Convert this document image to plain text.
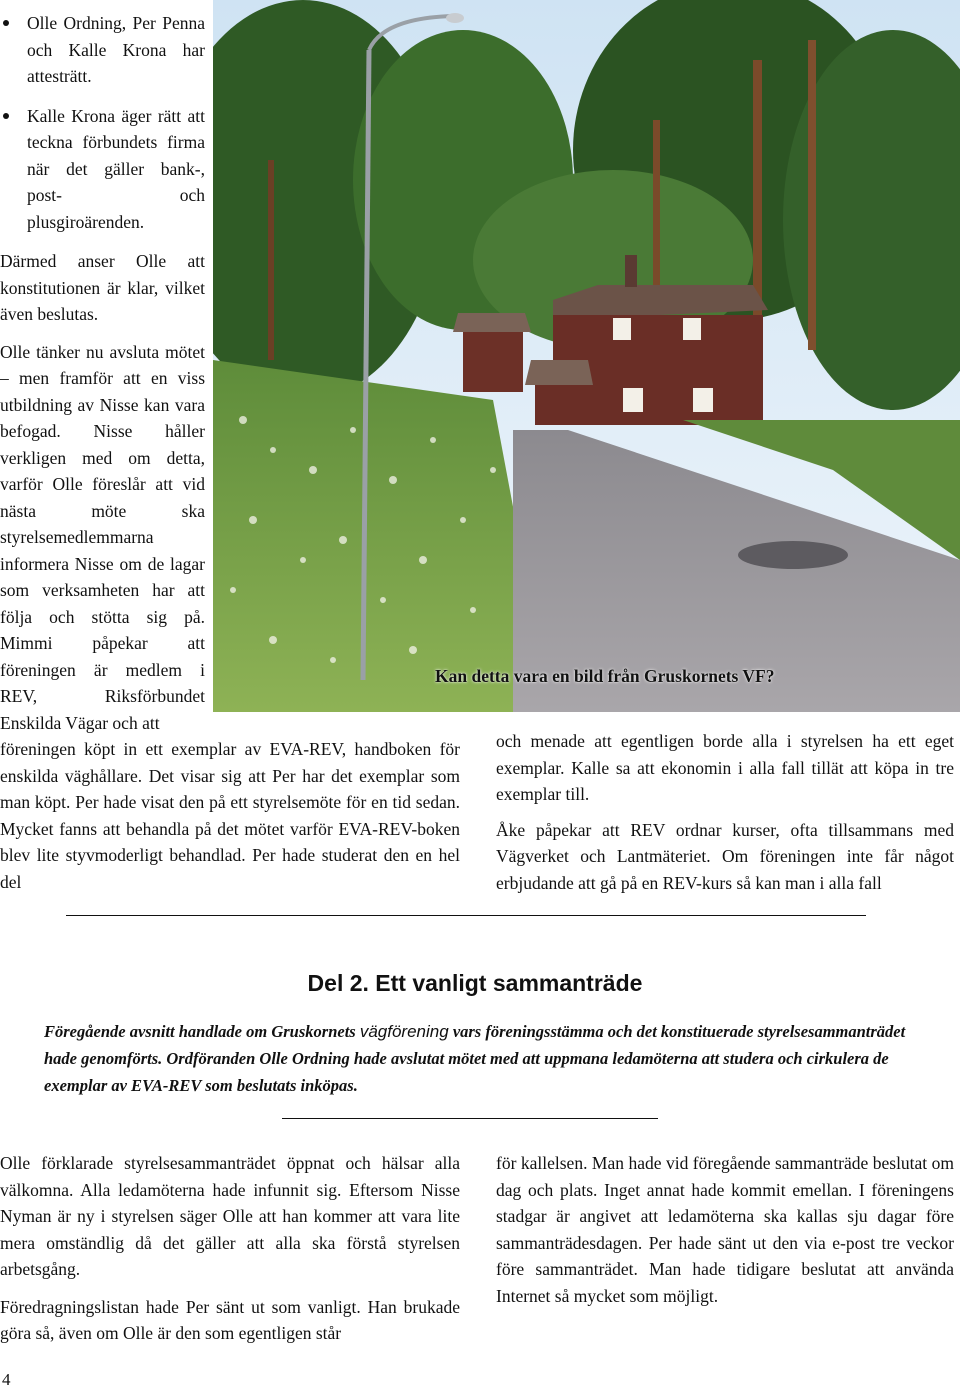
Kan detta vara en bild från Gruskornets VF?
Olle Ordning, Per Penna och Kalle Krona har attesträtt.
Kalle Krona äger rätt att teckna förbundets firma när det gäller bank-, post- och plusgiroärenden.

Därmed anser Olle att konstitutionen är klar, vilket även beslutas.

Olle tänker nu avsluta mötet – men framför att en viss utbildning av Nisse kan vara befogad. Nisse håller verkligen med om detta, varför Olle föreslår att vid nästa möte ska styrelsemedlemmarna informera Nisse om de lagar som verksamheten har att följa och stötta sig på. Mimmi påpekar att föreningen är medlem i REV, Riksförbundet Enskilda Vägar och att

föreningen köpt in ett exemplar av EVA-REV, handboken för enskilda väghållare. Det visar sig att Per har det exemplar som man köpt. Per hade visat den på ett styrelsemöte för en tid sedan. Mycket fanns att behandla på det mötet varför EVA-REV-boken blev lite styvmoderligt behandlad. Per hade studerat den en hel del

och menade att egentligen borde alla i styrelsen ha ett eget exemplar. Kalle sa att ekonomin i alla fall tillät att köpa in tre exemplar till.

Åke påpekar att REV ordnar kurser, ofta tillsammans med Vägverket och Lantmäteriet. Om föreningen inte får något erbjudande att gå på en REV-kurs så kan man i alla fall

Del 2. Ett vanligt sammanträde
Föregående avsnitt handlade om Gruskornets vägförening vars föreningsstämma och det konstituerade styrelsesammanträdet hade genomförts. Ordföranden Olle Ordning hade avslutat mötet med att uppmana ledamöterna att studera och cirkulera de exemplar av EVA-REV som beslutats inköpas.

Olle förklarade styrelsesammanträdet öppnat och hälsar alla välkomna. Alla ledamöterna hade infunnit sig. Eftersom Nisse Nyman är ny i styrelsen säger Olle att han kommer att vara lite mera omständlig då det gäller att alla ska förstå styrelsen arbetsgång.

Föredragningslistan hade Per sänt ut som vanligt. Han brukade göra så, även om Olle är den som egentligen står

för kallelsen. Man hade vid föregående sammanträde beslutat om dag och plats. Inget annat hade kommit emellan. I föreningens stadgar är angivet att ledamöterna ska kallas sju dagar före sammanträdesdagen. Per hade sänt ut den via e-post tre veckor före sammanträdet. Man hade tidigare beslutat att använda Internet så mycket som möjligt.

4
